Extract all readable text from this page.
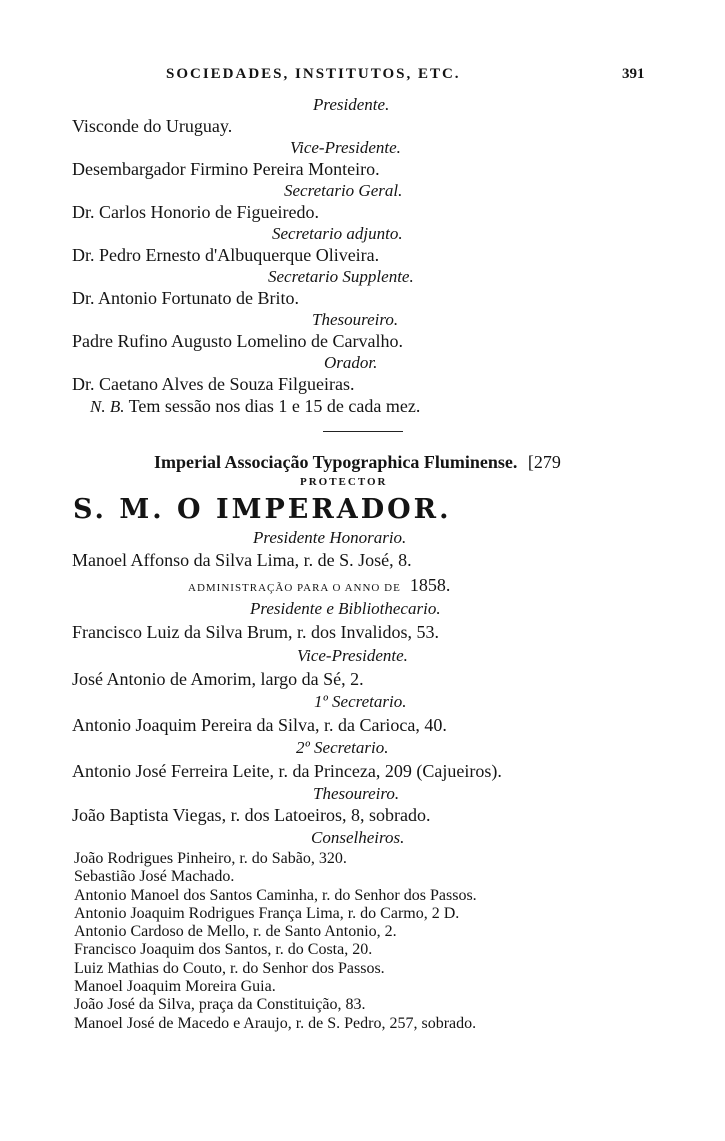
SOCIEDADES, INSTITUTOS, ETC.	391
Presidente.
Visconde do Uruguay.
Vice-Presidente.
Desembargador Firmino Pereira Monteiro.
Secretario Geral.
Dr. Carlos Honorio de Figueiredo.
Secretario adjunto.
Dr. Pedro Ernesto d'Albuquerque Oliveira.
Secretario Supplente.
Dr. Antonio Fortunato de Brito.
Thesoureiro.
Padre Rufino Augusto Lomelino de Carvalho.
Orador.
Dr. Caetano Alves de Souza Filgueiras.
N. B. Tem sessão nos dias 1 e 15 de cada mez.
Imperial Associação Typographica Fluminense. [279
PROTECTOR
S. M. O IMPERADOR.
Presidente Honorario.
Manoel Affonso da Silva Lima, r. de S. José, 8.
ADMINISTRAÇÃO PARA O ANNO DE 1858.
Presidente e Bibliothecario.
Francisco Luiz da Silva Brum, r. dos Invalidos, 53.
Vice-Presidente.
José Antonio de Amorim, largo da Sé, 2.
1º Secretario.
Antonio Joaquim Pereira da Silva, r. da Carioca, 40.
2º Secretario.
Antonio José Ferreira Leite, r. da Princeza, 209 (Cajueiros).
Thesoureiro.
João Baptista Viegas, r. dos Latoeiros, 8, sobrado.
Conselheiros.
João Rodrigues Pinheiro, r. do Sabão, 320.
Sebastião José Machado.
Antonio Manoel dos Santos Caminha, r. do Senhor dos Passos.
Antonio Joaquim Rodrigues França Lima, r. do Carmo, 2 D.
Antonio Cardoso de Mello, r. de Santo Antonio, 2.
Francisco Joaquim dos Santos, r. do Costa, 20.
Luiz Mathias do Couto, r. do Senhor dos Passos.
Manoel Joaquim Moreira Guia.
João José da Silva, praça da Constituição, 83.
Manoel José de Macedo e Araujo, r. de S. Pedro, 257, sobrado.
